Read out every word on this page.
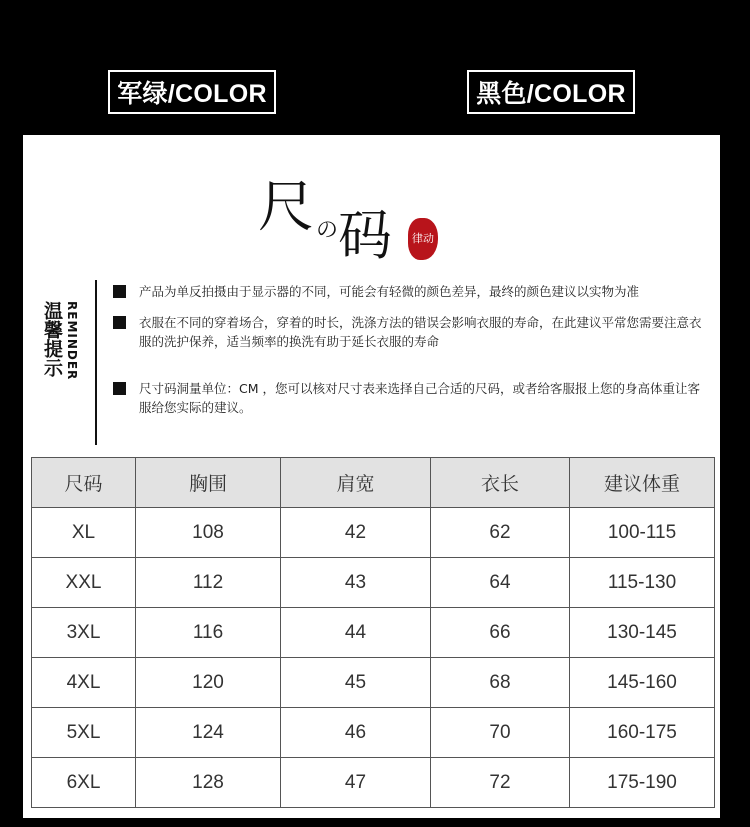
军绿/COLOR	黑色/COLOR
尺 の 码 律动
温馨提示 REMINDER
产品为单反拍摄由于显示器的不同，可能会有轻微的颜色差异，最终的颜色建议以实物为准
衣服在不同的穿着场合，穿着的时长，洗涤方法的错误会影响衣服的寿命，在此建议平常您需要注意衣服的洗护保养，适当频率的换洗有助于延长衣服的寿命
尺寸码洞量单位：CM ，您可以核对尺寸表来选择自己合适的尺码，或者给客服报上您的身高体重让客服给您实际的建议。
尺码	胸围	肩宽	衣长	建议体重
XL	108	42	62	100-115
XXL	112	43	64	115-130
3XL	116	44	66	130-145
4XL	120	45	68	145-160
5XL	124	46	70	160-175
6XL	128	47	72	175-190
